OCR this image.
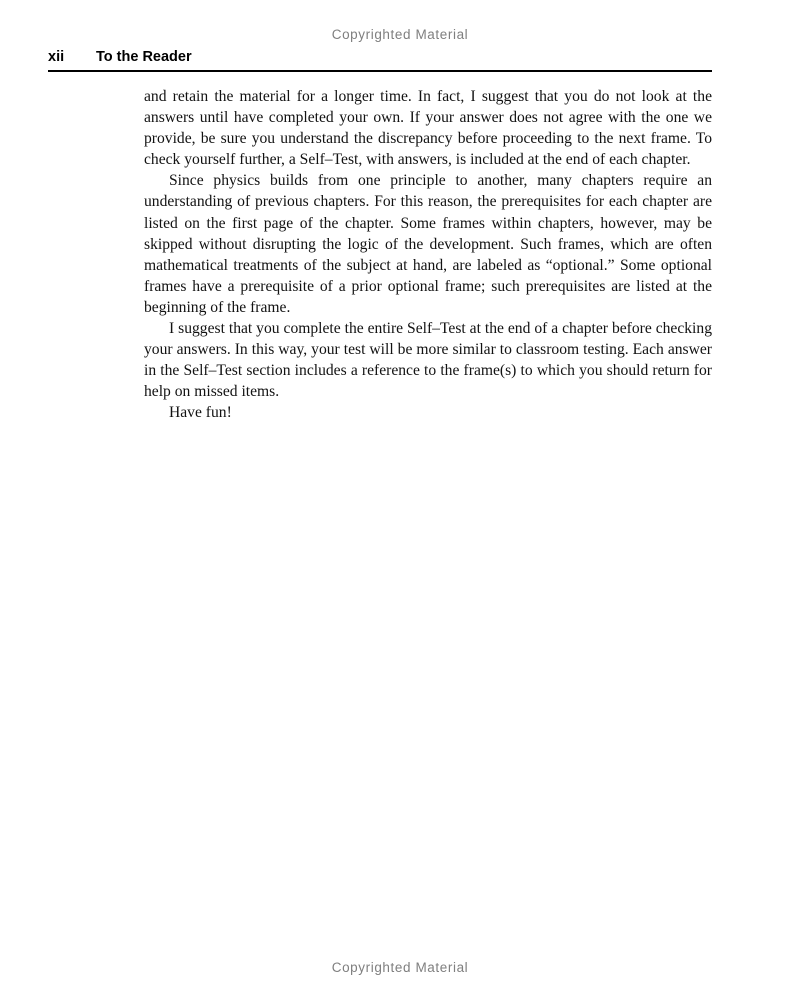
Copyrighted Material
xii To the Reader

and retain the material for a longer time. In fact, I suggest that you do not look at the answers until have completed your own. If your answer does not agree with the one we provide, be sure you understand the discrepancy before proceeding to the next frame. To check yourself further, a Self–Test, with answers, is included at the end of each chapter.

Since physics builds from one principle to another, many chapters require an understanding of previous chapters. For this reason, the prerequisites for each chapter are listed on the first page of the chapter. Some frames within chapters, however, may be skipped without disrupting the logic of the development. Such frames, which are often mathematical treatments of the subject at hand, are labeled as “optional.” Some optional frames have a prerequisite of a prior optional frame; such prerequisites are listed at the beginning of the frame.

I suggest that you complete the entire Self–Test at the end of a chapter before checking your answers. In this way, your test will be more similar to classroom testing. Each answer in the Self–Test section includes a reference to the frame(s) to which you should return for help on missed items.

Have fun!

Copyrighted Material
